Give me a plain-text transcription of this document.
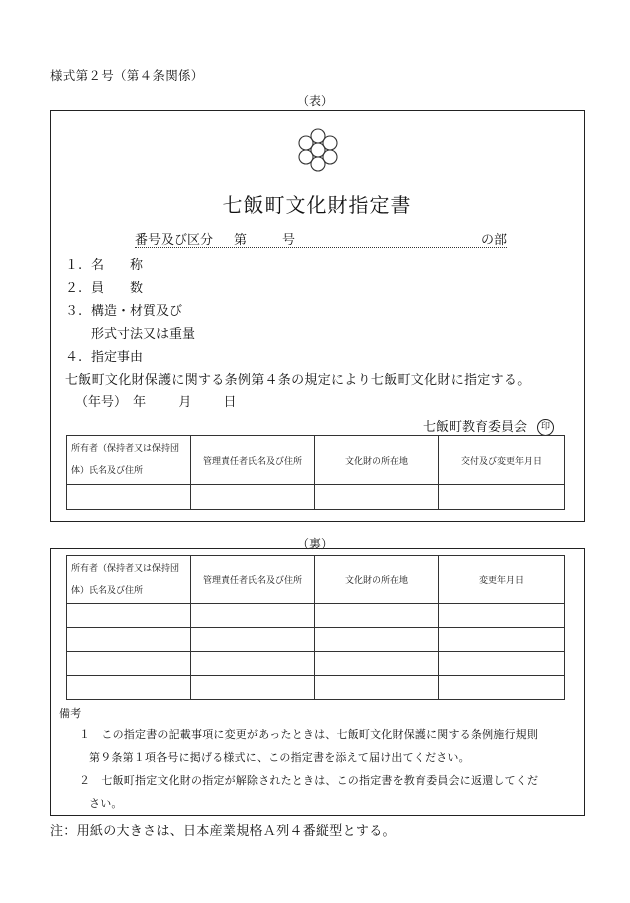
様式第２号（第４条関係）
（表）
七飯町文化財指定書
番号及び区分 第	号	の部
１. 名　　称
２. 員　　数
３. 構造・材質及び
形式寸法又は重量
４. 指定事由
七飯町文化財保護に関する条例第４条の規定により七飯町文化財に指定する。
（年号） 年 月 日
七飯町教育委員会 印
所有者（保持者又は保持団体）氏名及び住所	管理責任者氏名及び住所	文化財の所在地	交付及び変更年月日

（裏）
所有者（保持者又は保持団体）氏名及び住所	管理責任者氏名及び住所	文化財の所在地	変更年月日

備考
１　この指定書の記載事項に変更があったときは、七飯町文化財保護に関する条例施行規則
第９条第１項各号に掲げる様式に、この指定書を添えて届け出てください。
２　七飯町指定文化財の指定が解除されたときは、この指定書を教育委員会に返還してくだ
さい。
注：用紙の大きさは、日本産業規格Ａ列４番縦型とする。
